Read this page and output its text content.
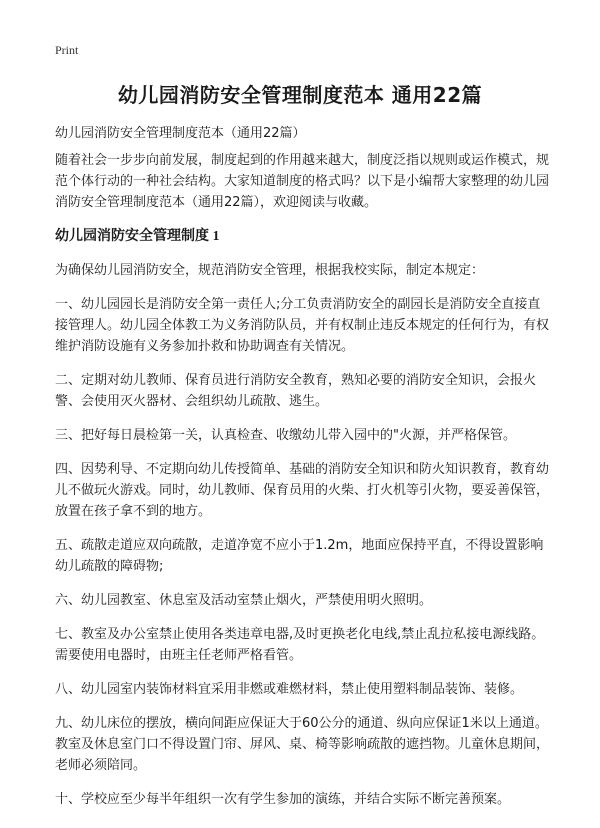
Print
幼儿园消防安全管理制度范本 通用22篇

幼儿园消防安全管理制度范本（通用22篇）

随着社会一步步向前发展，制度起到的作用越来越大，制度泛指以规则或运作模式，规范个体行动的一种社会结构。大家知道制度的格式吗？以下是小编帮大家整理的幼儿园消防安全管理制度范本（通用22篇），欢迎阅读与收藏。

幼儿园消防安全管理制度 1

为确保幼儿园消防安全，规范消防安全管理，根据我校实际，制定本规定：

一、幼儿园园长是消防安全第一责任人;分工负责消防安全的副园长是消防安全直接直接管理人。幼儿园全体教工为义务消防队员，并有权制止违反本规定的任何行为，有权维护消防设施有义务参加扑救和协助调查有关情况。

二、定期对幼儿教师、保育员进行消防安全教育，熟知必要的消防安全知识，会报火警、会使用灭火器材、会组织幼儿疏散、逃生。

三、把好每日晨检第一关，认真检查、收缴幼儿带入园中的"火源，并严格保管。

四、因势利导、不定期向幼儿传授简单、基础的消防安全知识和防火知识教育，教育幼儿不做玩火游戏。同时，幼儿教师、保育员用的火柴、打火机等引火物，要妥善保管，放置在孩子拿不到的地方。

五、疏散走道应双向疏散，走道净宽不应小于1.2m，地面应保持平直，不得设置影响幼儿疏散的障碍物;

六、幼儿园教室、休息室及活动室禁止烟火，严禁使用明火照明。

七、教室及办公室禁止使用各类违章电器,及时更换老化电线,禁止乱拉私接电源线路。需要使用电器时，由班主任老师严格看管。

八、幼儿园室内装饰材料宜采用非燃或难燃材料，禁止使用塑料制品装饰、装修。

九、幼儿床位的摆放，横向间距应保证大于60公分的通道、纵向应保证1米以上通道。教室及休息室门口不得设置门帘、屏风、桌、椅等影响疏散的遮挡物。儿童休息期间，老师必须陪同。

十、学校应至少每半年组织一次有学生参加的演练，并结合实际不断完善预案。
